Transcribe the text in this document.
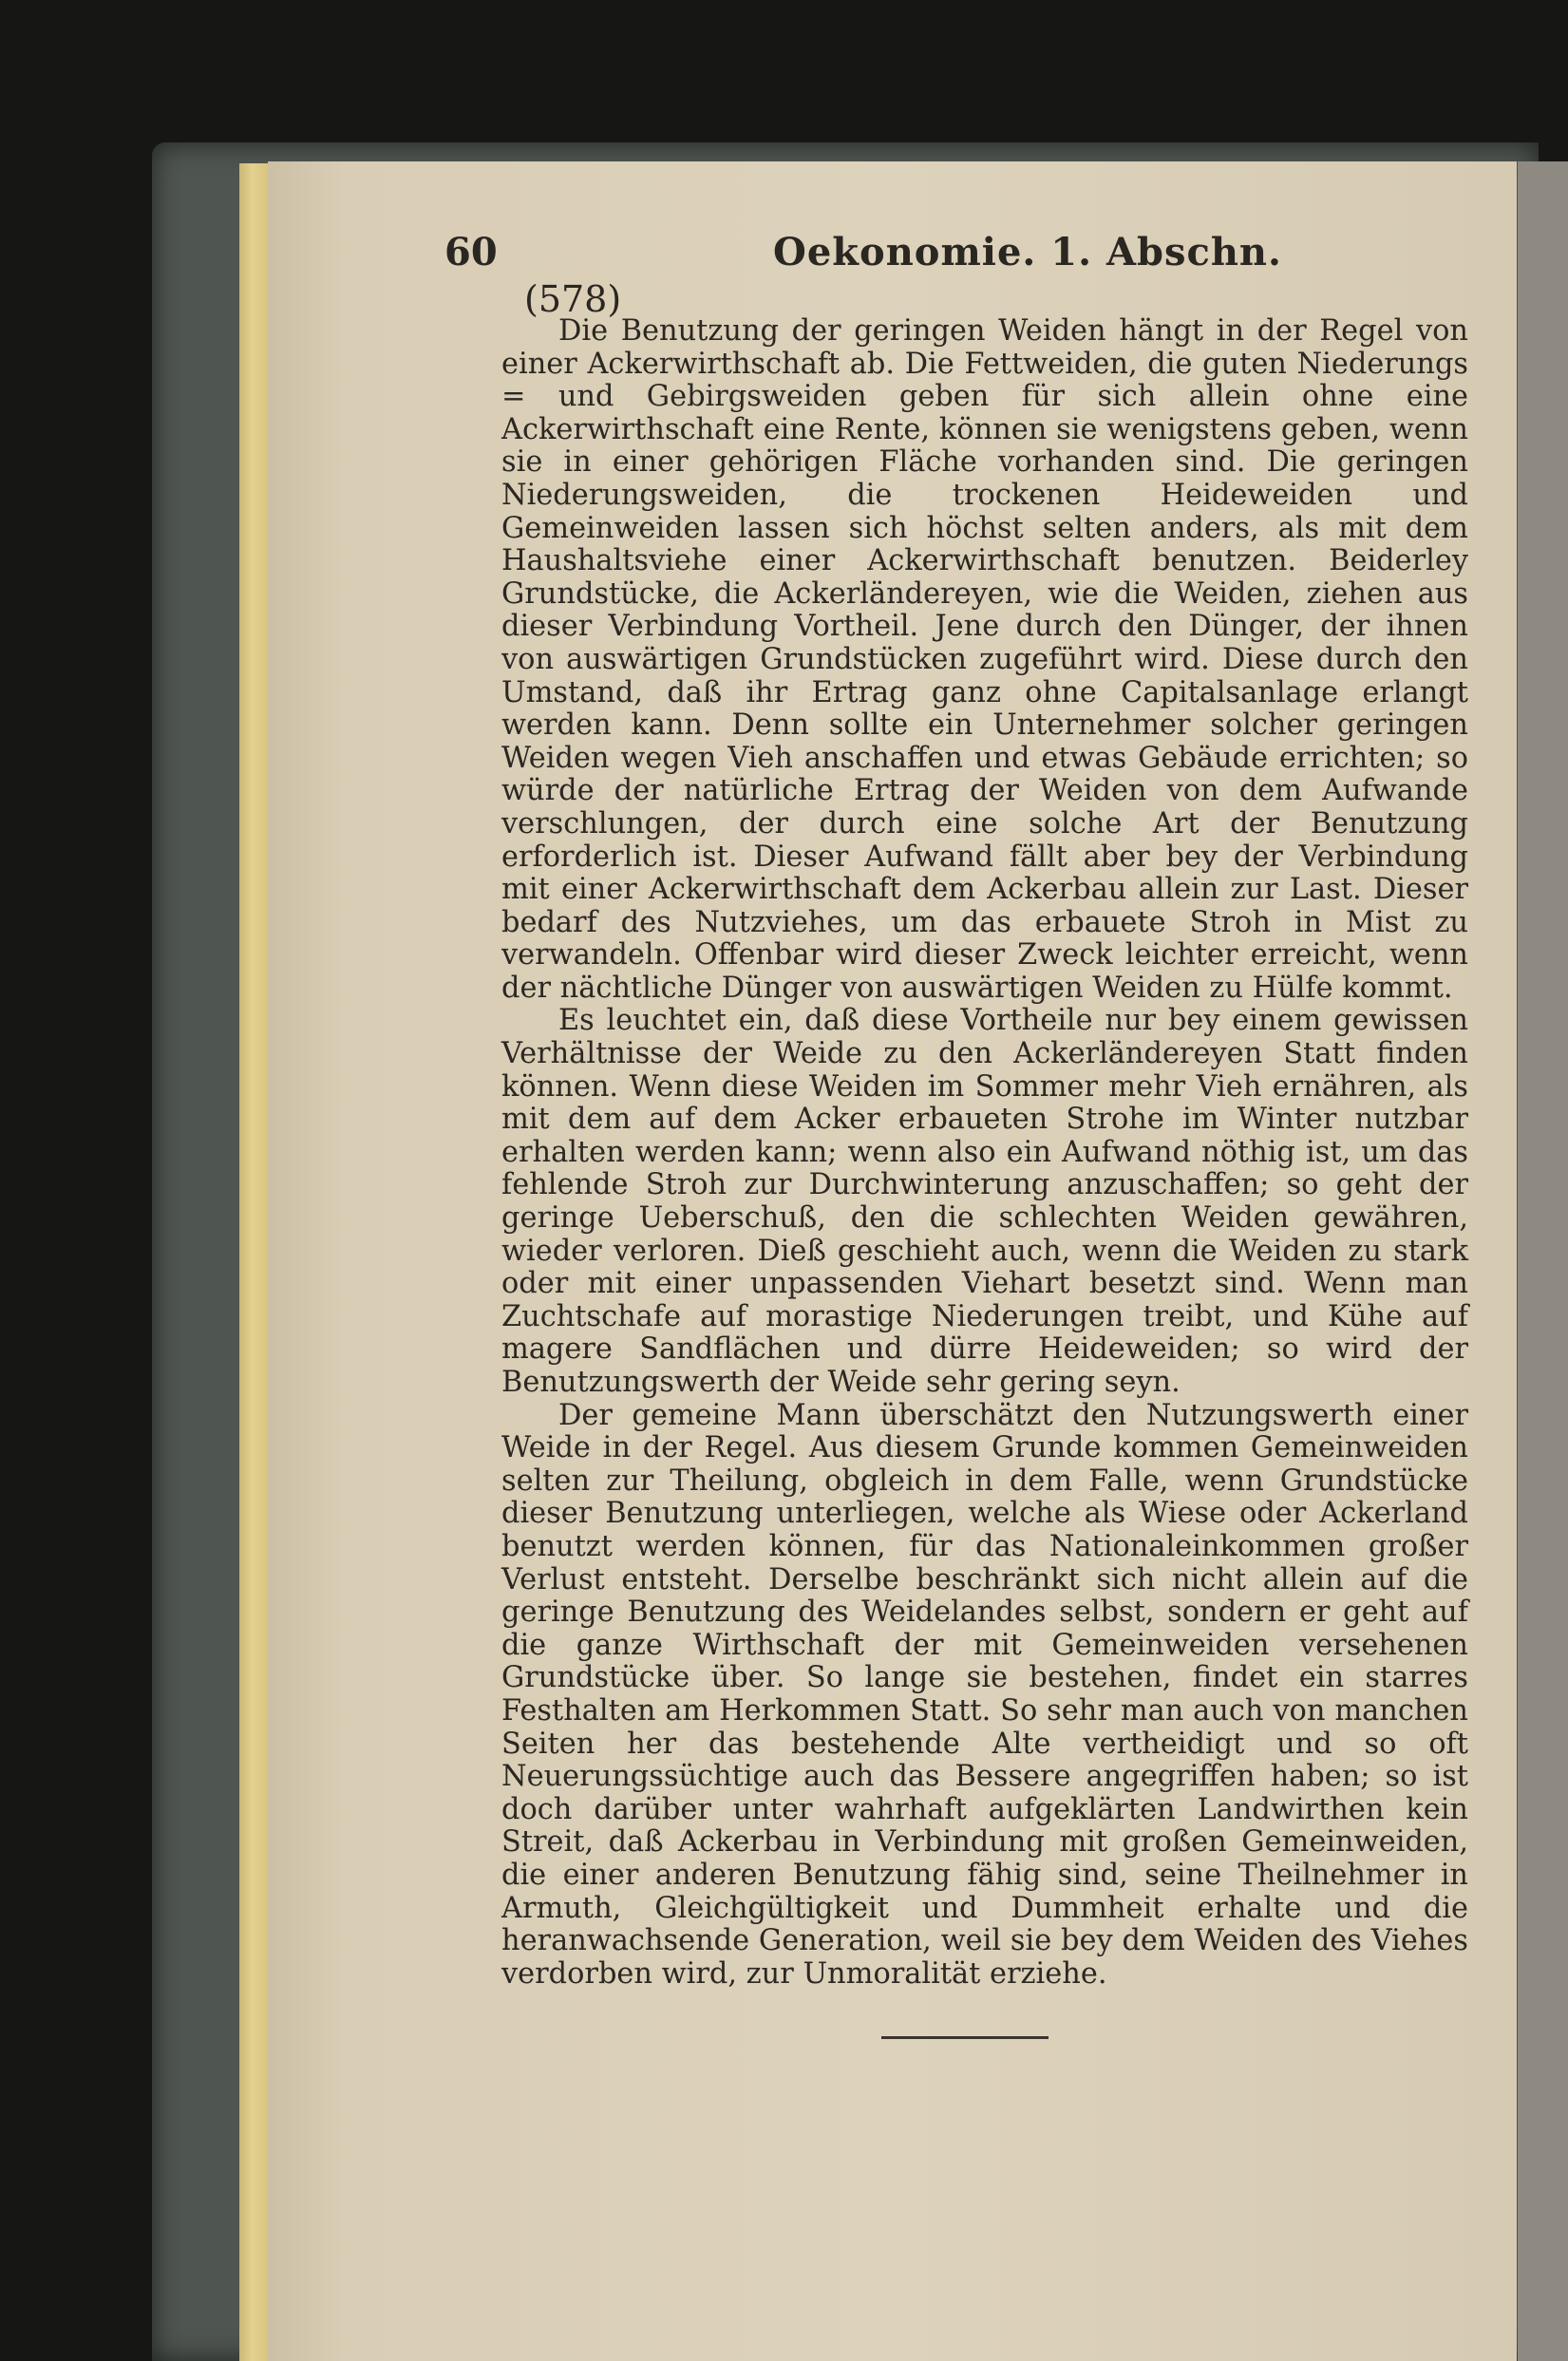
60	Oekonomie. 1. Abschn.
(578)

Die Benutzung der geringen Weiden hängt in der Regel von einer Ackerwirthschaft ab. Die Fettweiden, die guten Niederungs = und Gebirgsweiden geben für sich allein ohne eine Ackerwirthschaft eine Rente, können sie wenigstens geben, wenn sie in einer gehörigen Fläche vorhanden sind. Die geringen Niederungsweiden, die trockenen Heideweiden und Gemeinweiden lassen sich höchst selten anders, als mit dem Haushaltsviehe einer Ackerwirthschaft benutzen. Beiderley Grundstücke, die Ackerländereyen, wie die Weiden, ziehen aus dieser Verbindung Vortheil. Jene durch den Dünger, der ihnen von auswärtigen Grundstücken zugeführt wird. Diese durch den Umstand, daß ihr Ertrag ganz ohne Capitalsanlage erlangt werden kann. Denn sollte ein Unternehmer solcher geringen Weiden wegen Vieh anschaffen und etwas Gebäude errichten; so würde der natürliche Ertrag der Weiden von dem Aufwande verschlungen, der durch eine solche Art der Benutzung erforderlich ist. Dieser Aufwand fällt aber bey der Verbindung mit einer Ackerwirthschaft dem Ackerbau allein zur Last. Dieser bedarf des Nutzviehes, um das erbauete Stroh in Mist zu verwandeln. Offenbar wird dieser Zweck leichter erreicht, wenn der nächtliche Dünger von auswärtigen Weiden zu Hülfe kommt.

Es leuchtet ein, daß diese Vortheile nur bey einem gewissen Verhältnisse der Weide zu den Ackerländereyen Statt finden können. Wenn diese Weiden im Sommer mehr Vieh ernähren, als mit dem auf dem Acker erbaueten Strohe im Winter nutzbar erhalten werden kann; wenn also ein Aufwand nöthig ist, um das fehlende Stroh zur Durchwinterung anzuschaffen; so geht der geringe Ueberschuß, den die schlechten Weiden gewähren, wieder verloren. Dieß geschieht auch, wenn die Weiden zu stark oder mit einer unpassenden Viehart besetzt sind. Wenn man Zuchtschafe auf morastige Niederungen treibt, und Kühe auf magere Sandflächen und dürre Heideweiden; so wird der Benutzungswerth der Weide sehr gering seyn.

Der gemeine Mann überschätzt den Nutzungswerth einer Weide in der Regel. Aus diesem Grunde kommen Gemeinweiden selten zur Theilung, obgleich in dem Falle, wenn Grundstücke dieser Benutzung unterliegen, welche als Wiese oder Ackerland benutzt werden können, für das Nationaleinkommen großer Verlust entsteht. Derselbe beschränkt sich nicht allein auf die geringe Benutzung des Weidelandes selbst, sondern er geht auf die ganze Wirthschaft der mit Gemeinweiden versehenen Grundstücke über. So lange sie bestehen, findet ein starres Festhalten am Herkommen Statt. So sehr man auch von manchen Seiten her das bestehende Alte vertheidigt und so oft Neuerungssüchtige auch das Bessere angegriffen haben; so ist doch darüber unter wahrhaft aufgeklärten Landwirthen kein Streit, daß Ackerbau in Verbindung mit großen Gemeinweiden, die einer anderen Benutzung fähig sind, seine Theilnehmer in Armuth, Gleichgültigkeit und Dummheit erhalte und die heranwachsende Generation, weil sie bey dem Weiden des Viehes verdorben wird, zur Unmoralität erziehe.
